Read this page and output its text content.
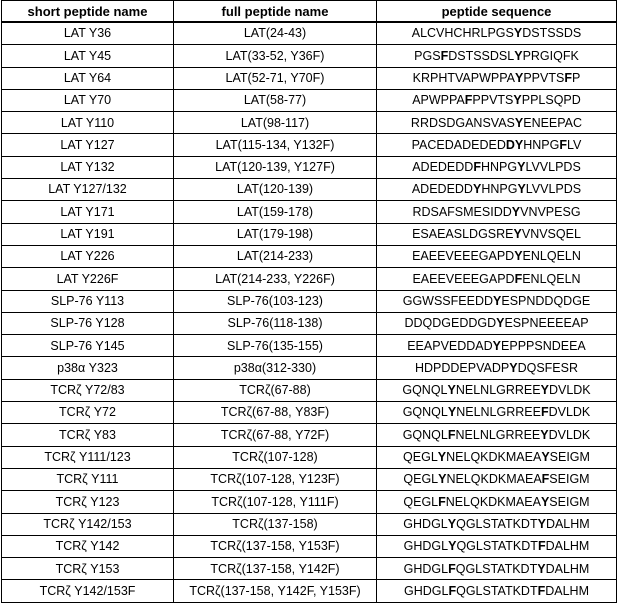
short peptide name	full peptide name	peptide sequence
LAT Y36	LAT(24-43)	ALCVHCHRLPGSYDSTSSDS
LAT Y45	LAT(33-52, Y36F)	PGSFDSTSSDSLYPRGIQFK
LAT Y64	LAT(52-71, Y70F)	KRPHTVAPWPPAYPPVTSFP
LAT Y70	LAT(58-77)	APWPPAFPPVTSYPPLSQPD
LAT Y110	LAT(98-117)	RRDSDGANSVASYENEEPAC
LAT Y127	LAT(115-134, Y132F)	PACEDADEDEDDYHNPGFLV
LAT Y132	LAT(120-139, Y127F)	ADEDEDDFHNPGYLVVLPDS
LAT Y127/132	LAT(120-139)	ADEDEDDYHNPGYLVVLPDS
LAT Y171	LAT(159-178)	RDSAFSMESIDDYVNVPESG
LAT Y191	LAT(179-198)	ESAEASLDGSREYVNVSQEL
LAT Y226	LAT(214-233)	EAEEVEEEGAPDYENLQELN
LAT Y226F	LAT(214-233, Y226F)	EAEEVEEEGAPDFENLQELN
SLP-76 Y113	SLP-76(103-123)	GGWSSFEEDDYESPNDDQDGE
SLP-76 Y128	SLP-76(118-138)	DDQDGEDDGDYESPNEEEEAP
SLP-76 Y145	SLP-76(135-155)	EEAPVEDDADYEPPPSNDEEA
p38α Y323	p38α(312-330)	HDPDDEPVADPYDQSFESR
TCRζ Y72/83	TCRζ(67-88)	GQNQLYNELNLGRREEYDVLDK
TCRζ Y72	TCRζ(67-88, Y83F)	GQNQLYNELNLGRREEFDVLDK
TCRζ Y83	TCRζ(67-88, Y72F)	GQNQLFNELNLGRREEYDVLDK
TCRζ Y111/123	TCRζ(107-128)	QEGLYNELQKDKMAEAYSEIGM
TCRζ Y111	TCRζ(107-128, Y123F)	QEGLYNELQKDKMAEAFSEIGM
TCRζ Y123	TCRζ(107-128, Y111F)	QEGLFNELQKDKMAEAYSEIGM
TCRζ Y142/153	TCRζ(137-158)	GHDGLYQGLSTATKDTYDALHM
TCRζ Y142	TCRζ(137-158, Y153F)	GHDGLYQGLSTATKDTFDALHM
TCRζ Y153	TCRζ(137-158, Y142F)	GHDGLFQGLSTATKDTYDALHM
TCRζ Y142/153F	TCRζ(137-158, Y142F, Y153F)	GHDGLFQGLSTATKDTFDALHM
